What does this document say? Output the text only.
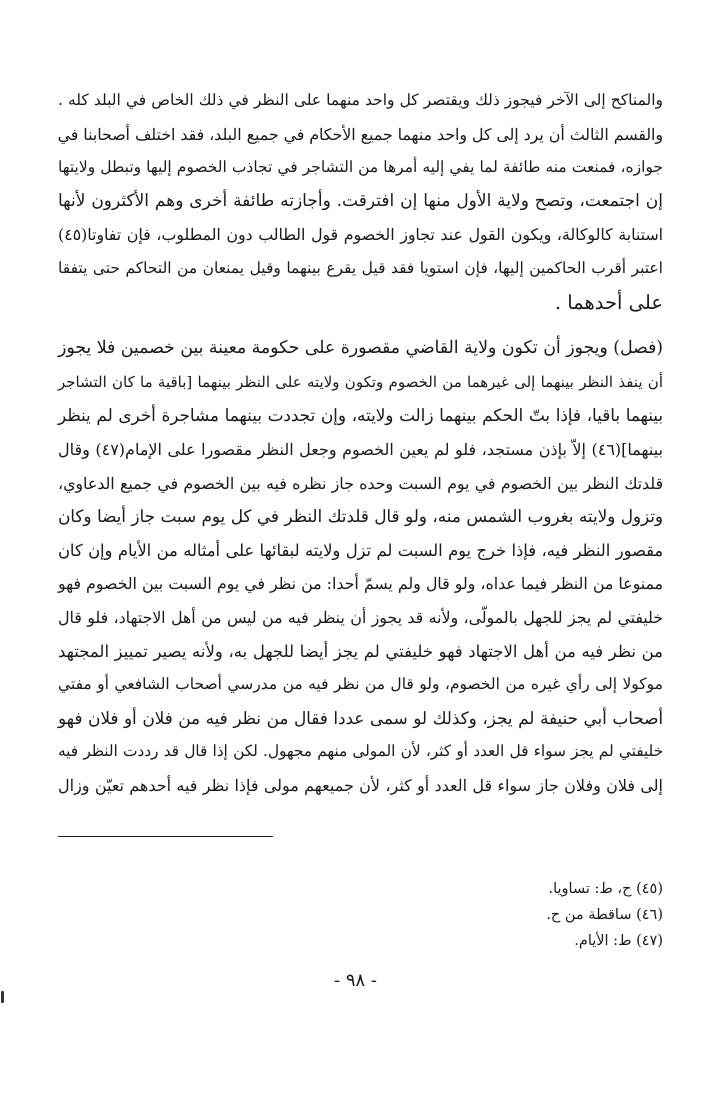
والمناكح إلى الآخر فيجوز ذلك ويقتصر كل واحد منهما على النظر في ذلك الخاص في البلد كله .
والقسم الثالث أن يرد إلى كل واحد منهما جميع الأحكام في جميع البلد، فقد اختلف أصحابنا في
جوازه، فمنعت منه طائفة لما يفي إليه أمرها من التشاجر في تجاذب الخصوم إليها وتبطل ولايتها
إن اجتمعت، وتصح ولاية الأول منها إن افترقت. وأجازته طائفة أخرى وهم الأكثرون لأنها
استنابة كالوكالة، ويكون القول عند تجاوز الخصوم قول الطالب دون المطلوب، فإن تفاوتا(٤٥)
اعتبر أقرب الحاكمين إليها، فإن استويا فقد قيل يقرع بينهما وقيل يمنعان من التحاكم حتى يتفقا
على أحدهما .
(فصل) ويجوز أن تكون ولاية القاضي مقصورة على حكومة معينة بين خصمين فلا يجوز
أن ينفذ النظر بينهما إلى غيرهما من الخصوم وتكون ولايته على النظر بينهما [باقية ما كان التشاجر
بينهما باقيا، فإذا بتّ الحكم بينهما زالت ولايته، وإن تجددت بينهما مشاجرة أخرى لم ينظر
بينهما](٤٦) إلاّ بإذن مستجد، فلو لم يعين الخصوم وجعل النظر مقصورا على الإمام(٤٧) وقال
قلدتك النظر بين الخصوم في يوم السبت وحده جاز نظره فيه بين الخصوم في جميع الدعاوي،
وتزول ولايته بغروب الشمس منه، ولو قال قلدتك النظر في كل يوم سبت جاز أيضا وكان
مقصور النظر فيه، فإذا خرج يوم السبت لم تزل ولايته لبقائها على أمثاله من الأيام وإن كان
ممنوعا من النظر فيما عداه، ولو قال ولم يسمّ أحدا: من نظر في يوم السبت بين الخصوم فهو
خليفتي لم يجز للجهل بالمولّى، ولأنه قد يجوز أن ينظر فيه من ليس من أهل الاجتهاد، فلو قال
من نظر فيه من أهل الاجتهاد فهو خليفتي لم يجز أيضا للجهل به، ولأنه يصير تمييز المجتهد
موكولا إلى رأي غيره من الخصوم، ولو قال من نظر فيه من مدرسي أصحاب الشافعي أو مفتي
أصحاب أبي حنيفة لم يجز، وكذلك لو سمى عددا فقال من نظر فيه من فلان أو فلان فهو
خليفتي لم يجز سواء قل العدد أو كثر، لأن المولى منهم مجهول. لكن إذا قال قد رددت النظر فيه
إلى فلان وفلان جاز سواء قل العدد أو كثر، لأن جميعهم مولى فإذا نظر فيه أحدهم تعيّن وزال
(٤٥) ح، ط: تساويا.
(٤٦) ساقطة من ح.
(٤٧) ط: الأيام.
- ٩٨ -
